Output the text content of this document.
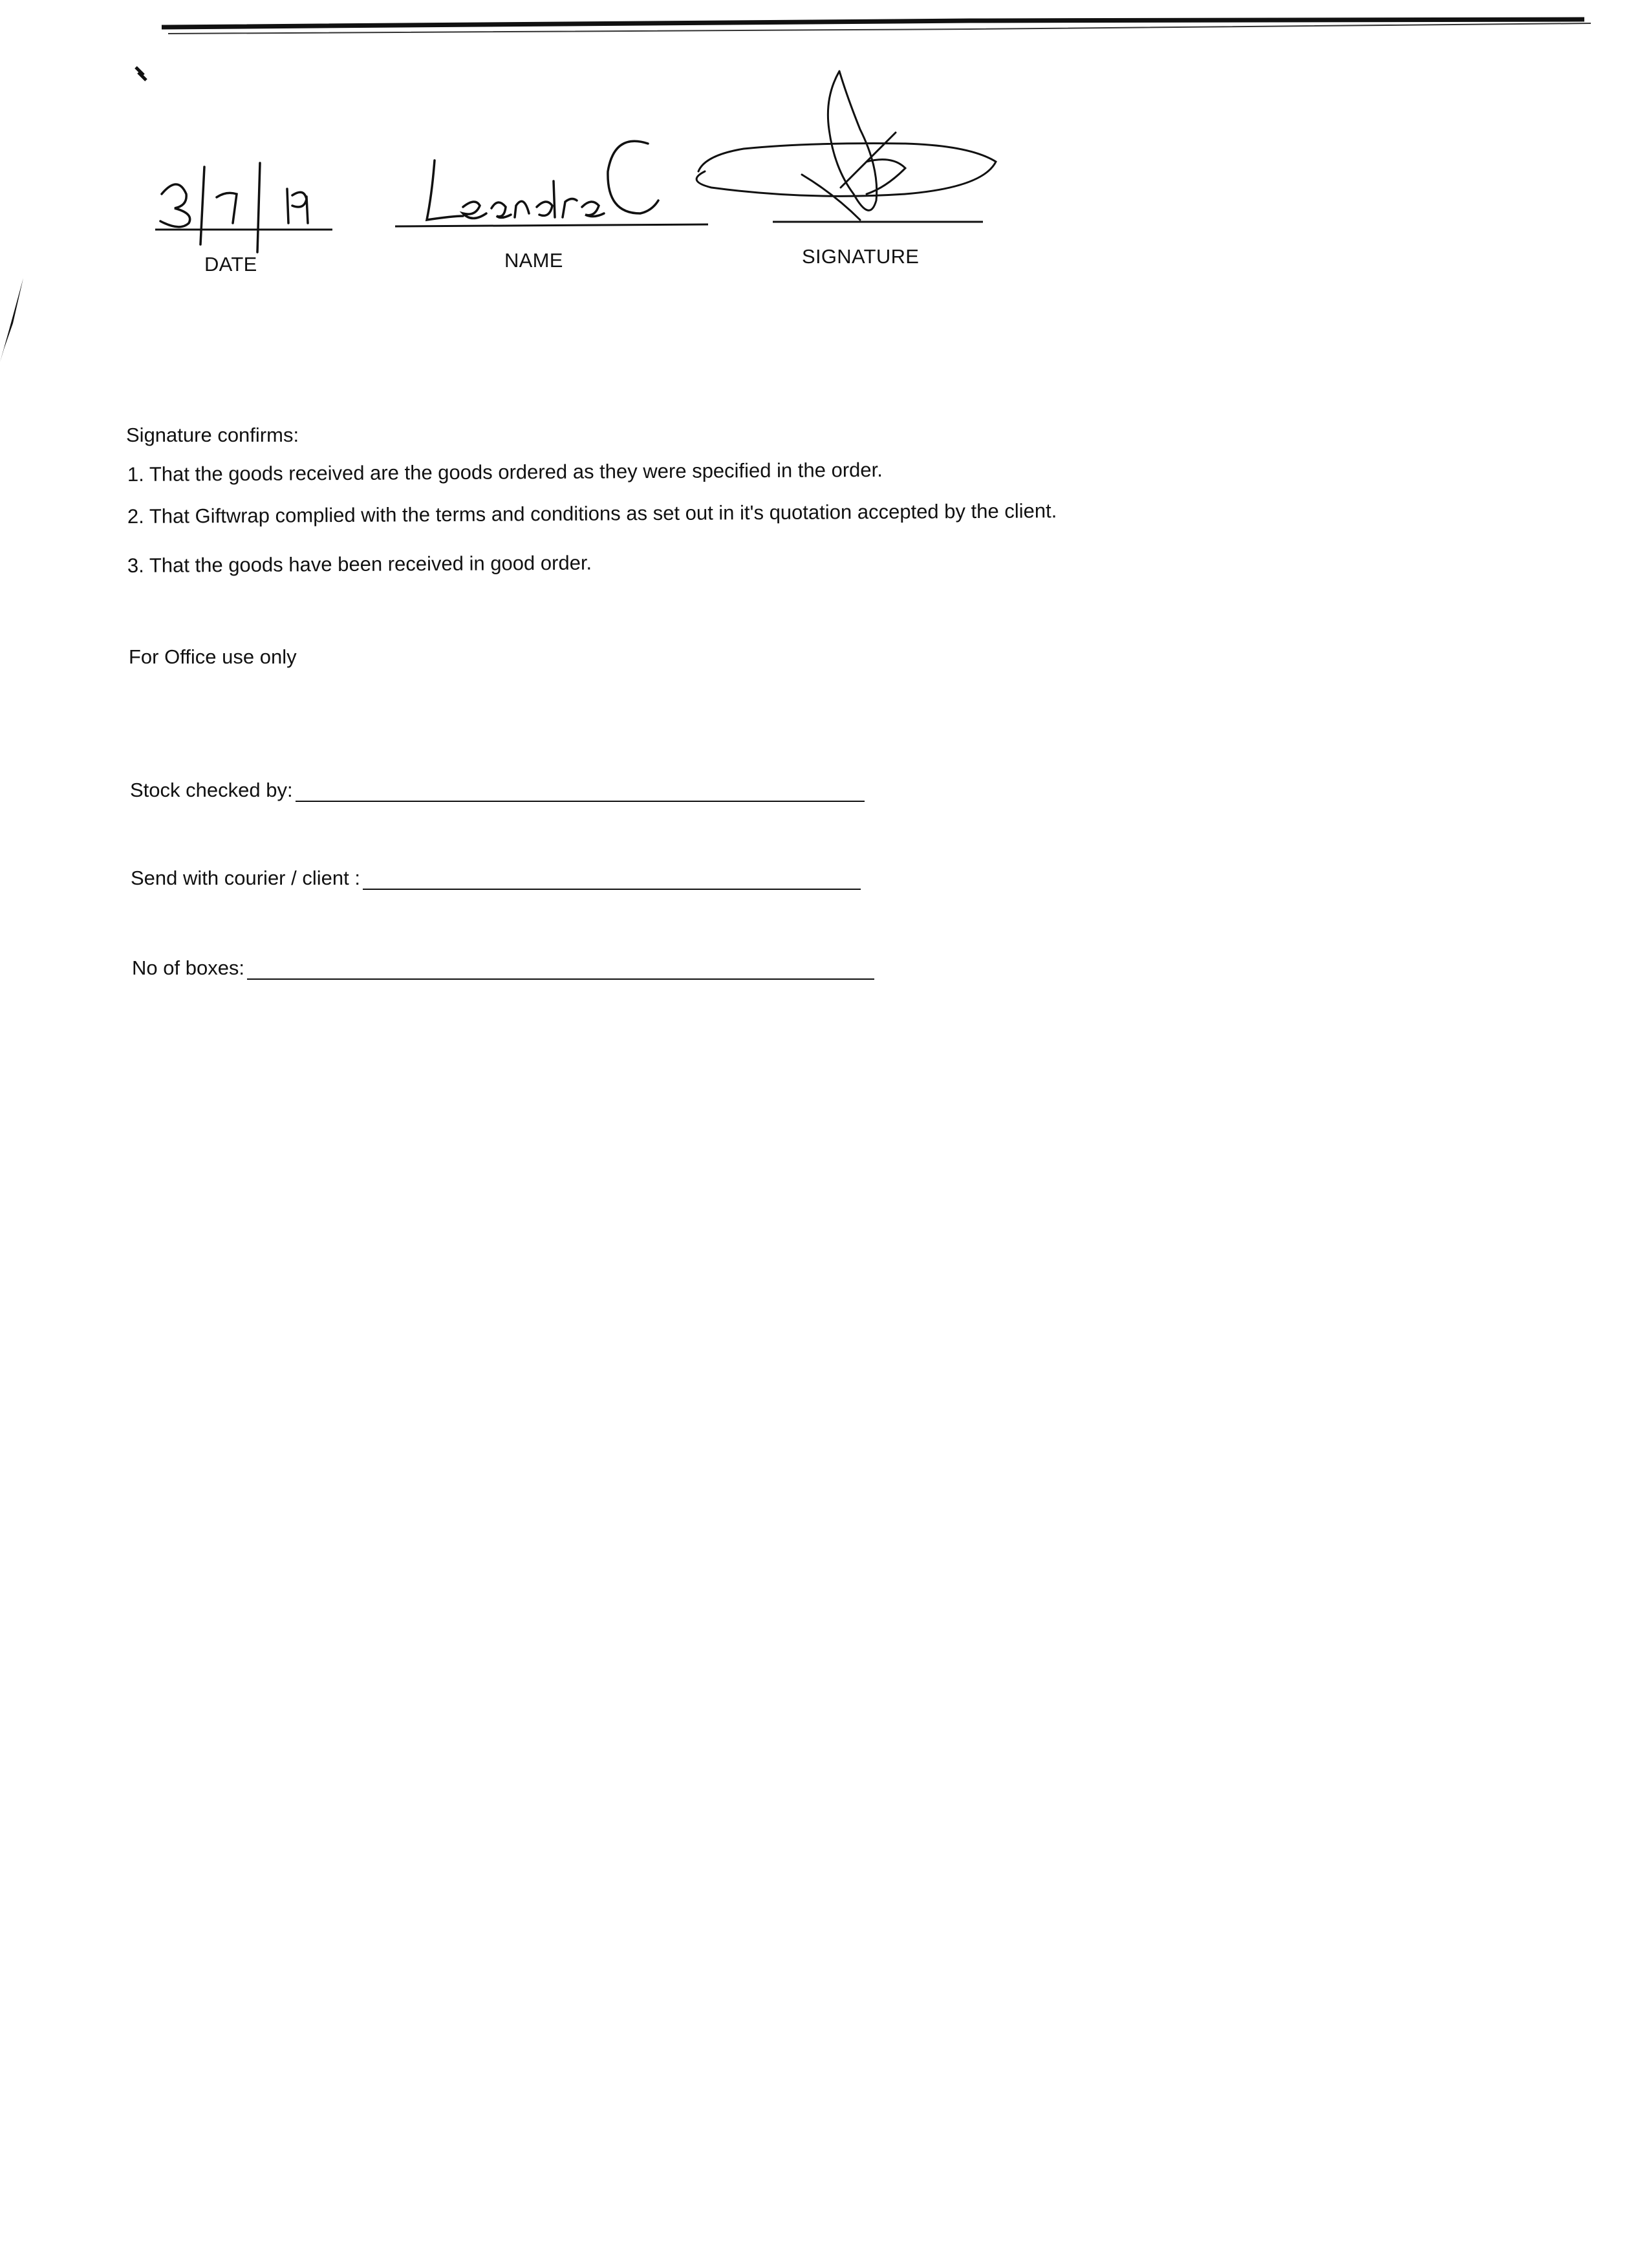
DATE	NAME	SIGNATURE
Signature confirms:
1. That the goods received are the goods ordered as they were specified in the order.
2. That Giftwrap complied with the terms and conditions as set out in it's quotation accepted by the client.
3. That the goods have been received in good order.
For Office use only
Stock checked by:
Send with courier / client :
No of boxes:
